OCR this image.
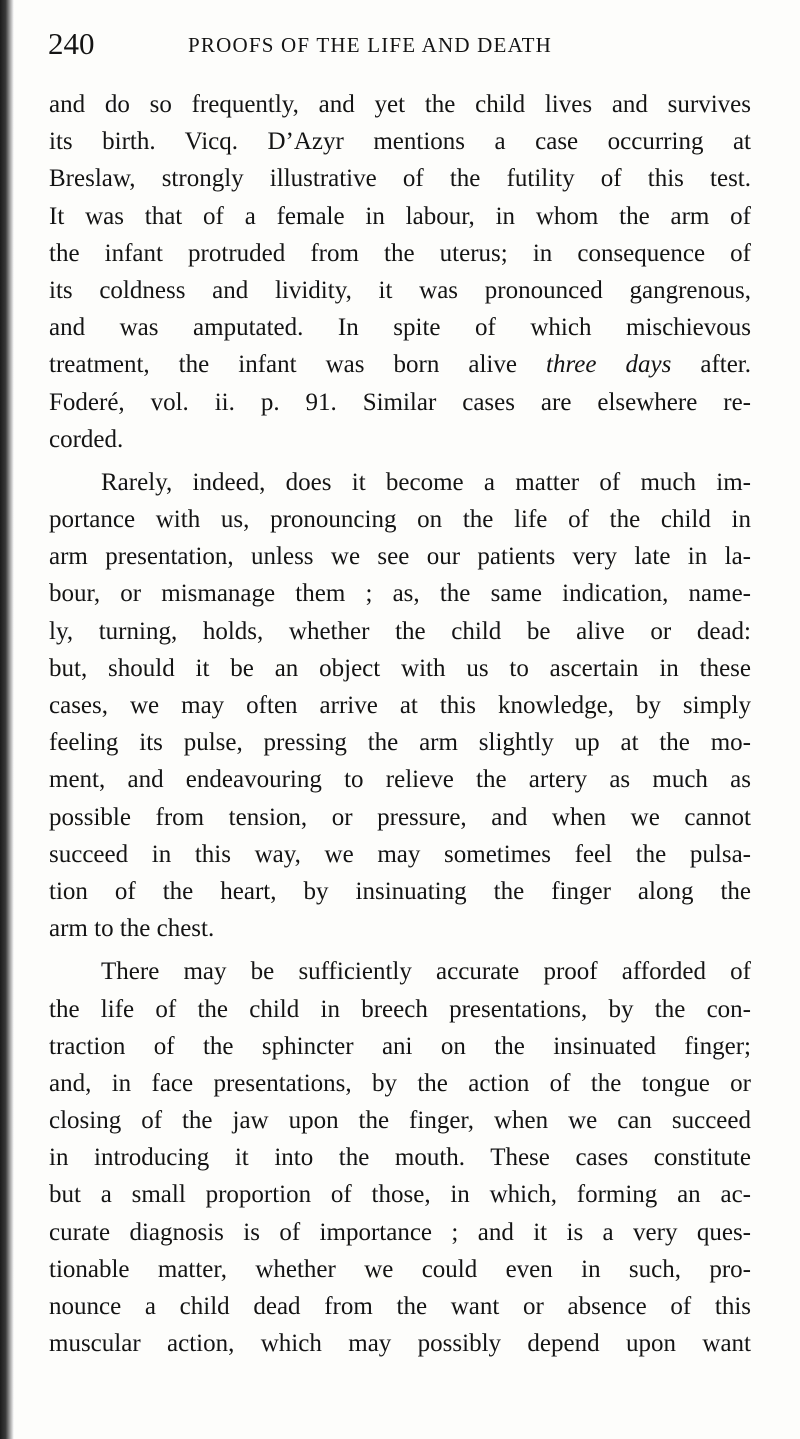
240	PROOFS OF THE LIFE AND DEATH
and do so frequently, and yet the child lives and survives
its birth. Vicq. D’Azyr mentions a case occurring at
Breslaw, strongly illustrative of the futility of this test.
It was that of a female in labour, in whom the arm of
the infant protruded from the uterus; in consequence of
its coldness and lividity, it was pronounced gangrenous,
and was amputated. In spite of which mischievous
treatment, the infant was born alive three days after.
Foderé, vol. ii. p. 91. Similar cases are elsewhere re-
corded.
Rarely, indeed, does it become a matter of much im-
portance with us, pronouncing on the life of the child in
arm presentation, unless we see our patients very late in la-
bour, or mismanage them ; as, the same indication, name-
ly, turning, holds, whether the child be alive or dead:
but, should it be an object with us to ascertain in these
cases, we may often arrive at this knowledge, by simply
feeling its pulse, pressing the arm slightly up at the mo-
ment, and endeavouring to relieve the artery as much as
possible from tension, or pressure, and when we cannot
succeed in this way, we may sometimes feel the pulsa-
tion of the heart, by insinuating the finger along the
arm to the chest.
There may be sufficiently accurate proof afforded of
the life of the child in breech presentations, by the con-
traction of the sphincter ani on the insinuated finger;
and, in face presentations, by the action of the tongue or
closing of the jaw upon the finger, when we can succeed
in introducing it into the mouth. These cases constitute
but a small proportion of those, in which, forming an ac-
curate diagnosis is of importance ; and it is a very ques-
tionable matter, whether we could even in such, pro-
nounce a child dead from the want or absence of this
muscular action, which may possibly depend upon want
